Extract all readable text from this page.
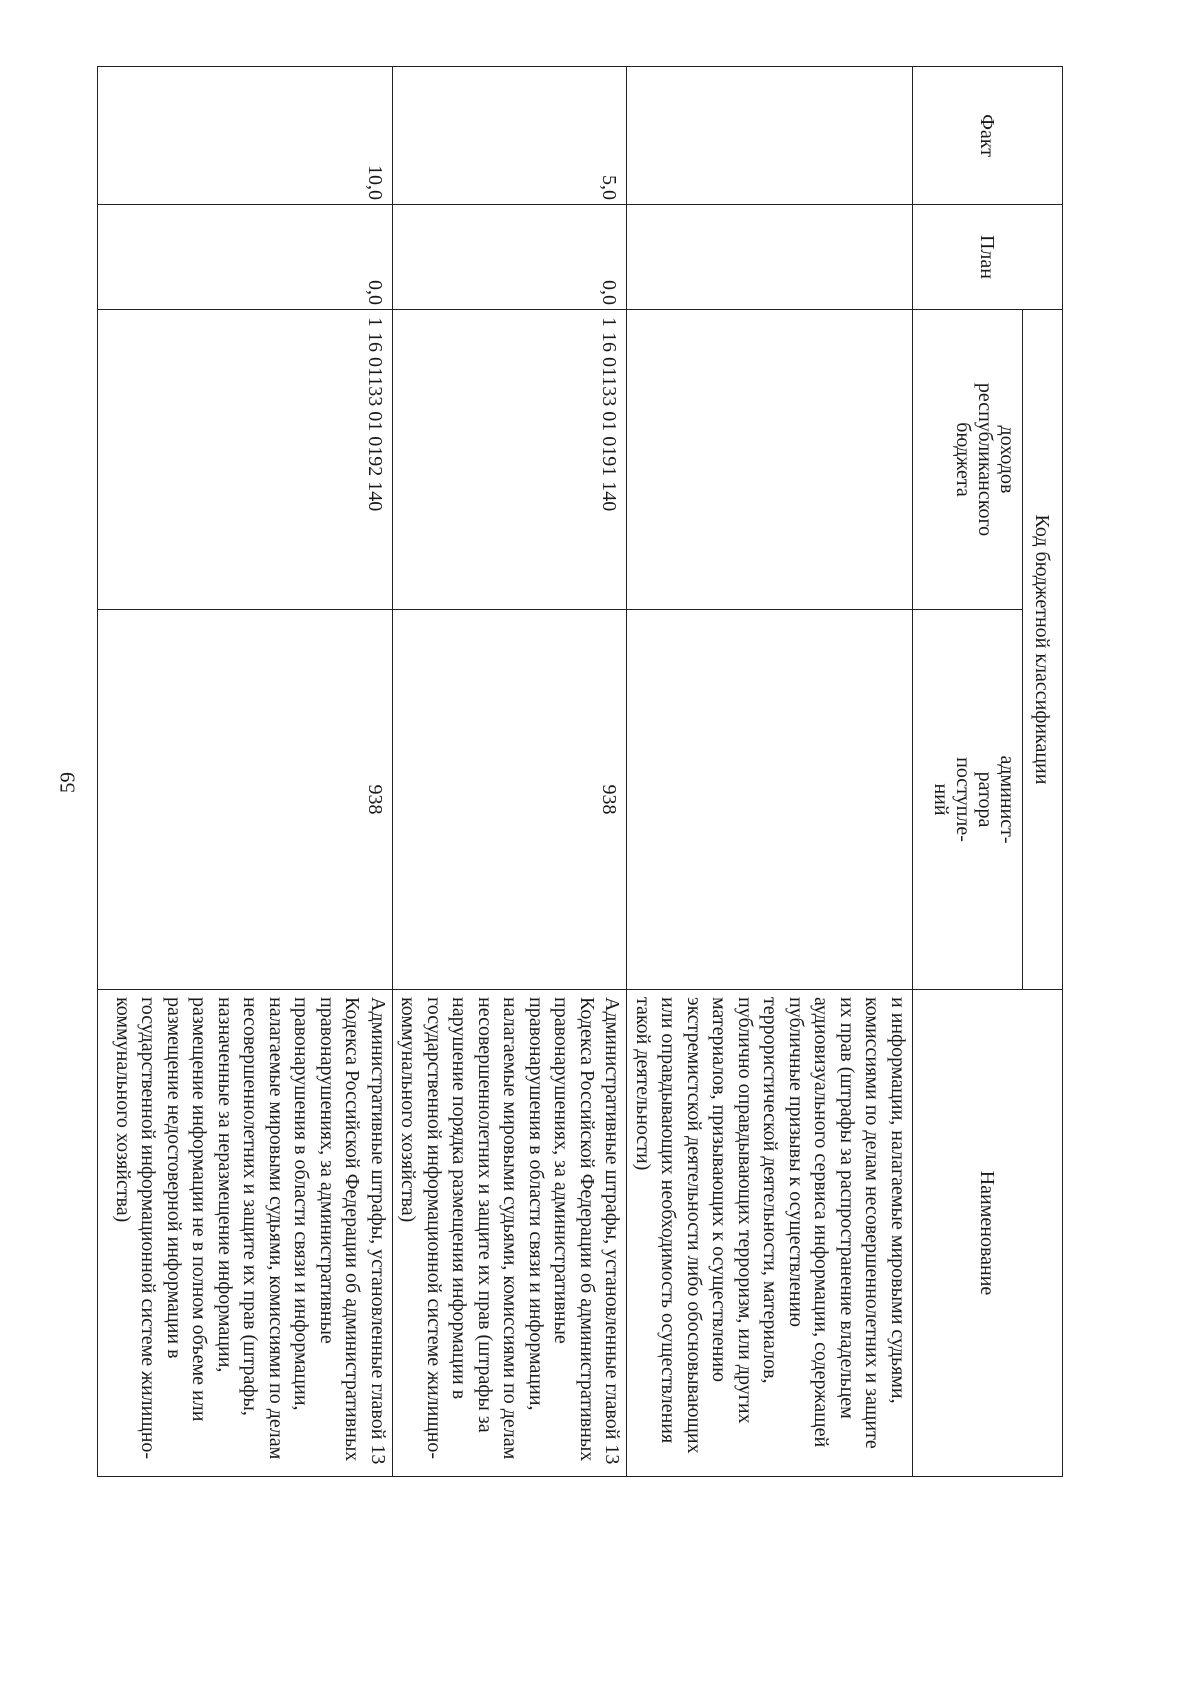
59
Факт	План	Код бюджетной классификации		Наименование
		доходов
республиканского
бюджета	админист-
ратора
поступле-
ний	
				и информации, налагаемые мировыми судьями, комиссиями по делам несовершеннолетних и защите их прав (штрафы за распространение владельцем аудиовизуального сервиса информации, содержащей публичные призывы к осуществлению террористической деятельности, материалов, публично оправдывающих терроризм, или других материалов, призывающих к осуществлению экстремистской деятельности либо обосновывающих или оправдывающих необходимость осуществления такой деятельности)
5,0	0,0	1 16 01133 01 0191 140	938	Административные штрафы, установленные главой 13 Кодекса Российской Федерации об административных правонарушениях, за административные правонарушения в области связи и информации, налагаемые мировыми судьями, комиссиями по делам несовершеннолетних и защите их прав (штрафы за нарушение порядка размещения информации в государственной информационной системе жилищно-коммунального хозяйства)
10,0	0,0	1 16 01133 01 0192 140	938	Административные штрафы, установленные главой 13 Кодекса Российской Федерации об административных правонарушениях, за административные правонарушения в области связи и информации, налагаемые мировыми судьями, комиссиями по делам несовершеннолетних и защите их прав (штрафы, назначенные за неразмещение информации, размещение информации не в полном объеме или размещение недостоверной информации в государственной информационной системе жилищно-коммунального хозяйства)
